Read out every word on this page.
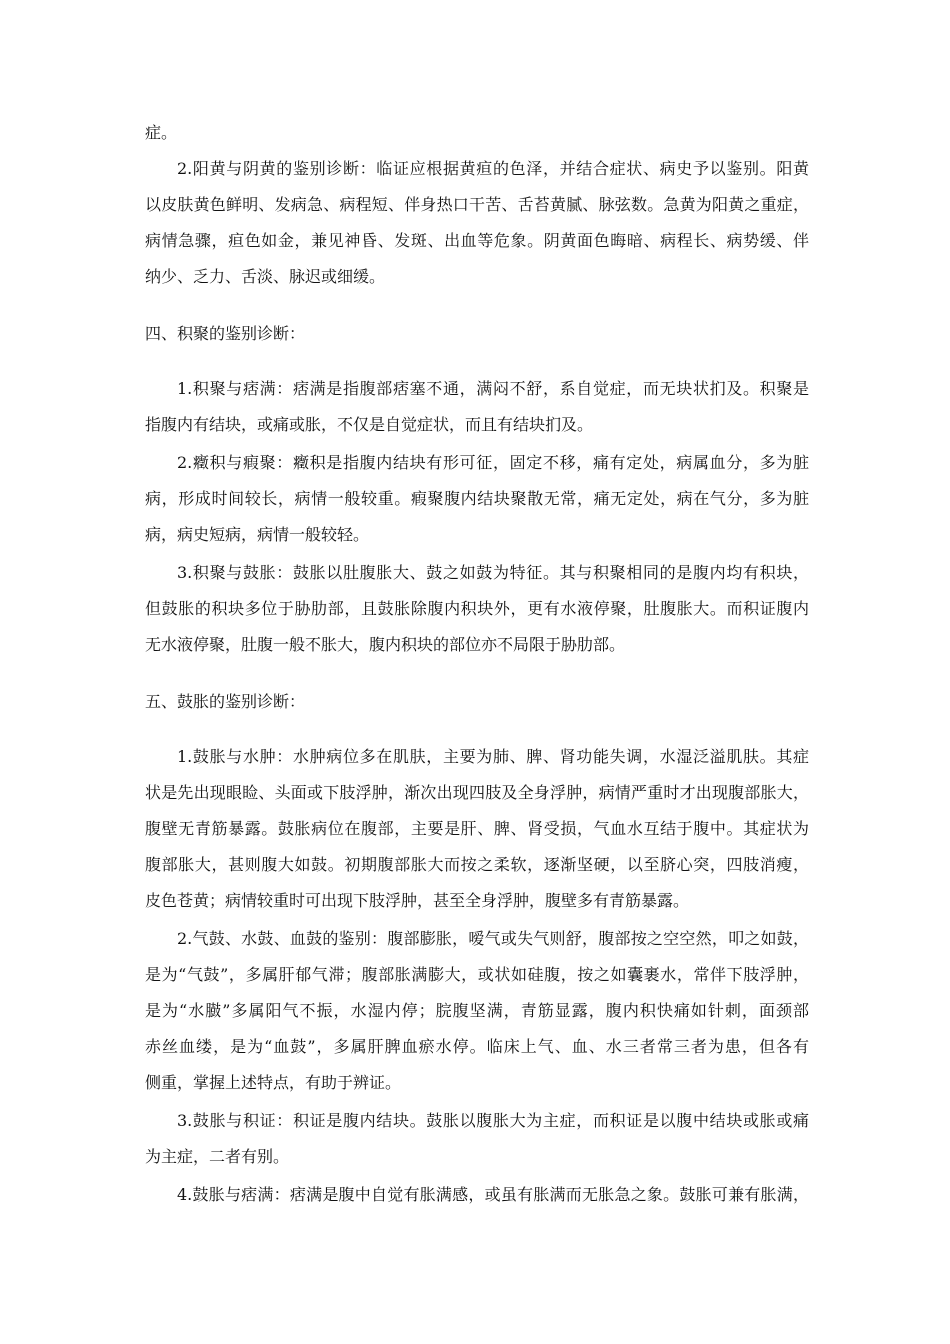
症。
2.阳黄与阴黄的鉴别诊断：临证应根据黄疸的色泽，并结合症状、病史予以鉴别。阳黄
以皮肤黄色鲜明、发病急、病程短、伴身热口干苦、舌苔黄腻、脉弦数。急黄为阳黄之重症，
病情急骤，疸色如金，兼见神昏、发斑、出血等危象。阴黄面色晦暗、病程长、病势缓、伴
纳少、乏力、舌淡、脉迟或细缓。
四、积聚的鉴别诊断：
1.积聚与痞满：痞满是指腹部痞塞不通，满闷不舒，系自觉症，而无块状扪及。积聚是
指腹内有结块，或痛或胀，不仅是自觉症状，而且有结块扪及。
2.癥积与瘕聚：癥积是指腹内结块有形可征，固定不移，痛有定处，病属血分，多为脏
病，形成时间较长，病情一般较重。瘕聚腹内结块聚散无常，痛无定处，病在气分，多为脏
病，病史短病，病情一般较轻。
3.积聚与鼓胀：鼓胀以肚腹胀大、鼓之如鼓为特征。其与积聚相同的是腹内均有积块，
但鼓胀的积块多位于胁肋部，且鼓胀除腹内积块外，更有水液停聚，肚腹胀大。而积证腹内
无水液停聚，肚腹一般不胀大，腹内积块的部位亦不局限于胁肋部。
五、鼓胀的鉴别诊断：
1.鼓胀与水肿：水肿病位多在肌肤，主要为肺、脾、肾功能失调，水湿泛溢肌肤。其症
状是先出现眼睑、头面或下肢浮肿，渐次出现四肢及全身浮肿，病情严重时才出现腹部胀大，
腹壁无青筋暴露。鼓胀病位在腹部，主要是肝、脾、肾受损，气血水互结于腹中。其症状为
腹部胀大，甚则腹大如鼓。初期腹部胀大而按之柔软，逐渐坚硬，以至脐心突，四肢消瘦，
皮色苍黄；病情较重时可出现下肢浮肿，甚至全身浮肿，腹壁多有青筋暴露。
2.气鼓、水鼓、血鼓的鉴别：腹部膨胀，嗳气或失气则舒，腹部按之空空然，叩之如鼓，
是为“气鼓”，多属肝郁气滞；腹部胀满膨大，或状如硅腹，按之如囊裹水，常伴下肢浮肿，
是为“水臌”多属阳气不振，水湿内停；脘腹坚满，青筋显露，腹内积快痛如针刺，面颈部
赤丝血缕，是为“血鼓”，多属肝脾血瘀水停。临床上气、血、水三者常三者为患，但各有
侧重，掌握上述特点，有助于辨证。
3.鼓胀与积证：积证是腹内结块。鼓胀以腹胀大为主症，而积证是以腹中结块或胀或痛
为主症，二者有别。
4.鼓胀与痞满：痞满是腹中自觉有胀满感，或虽有胀满而无胀急之象。鼓胀可兼有胀满，
